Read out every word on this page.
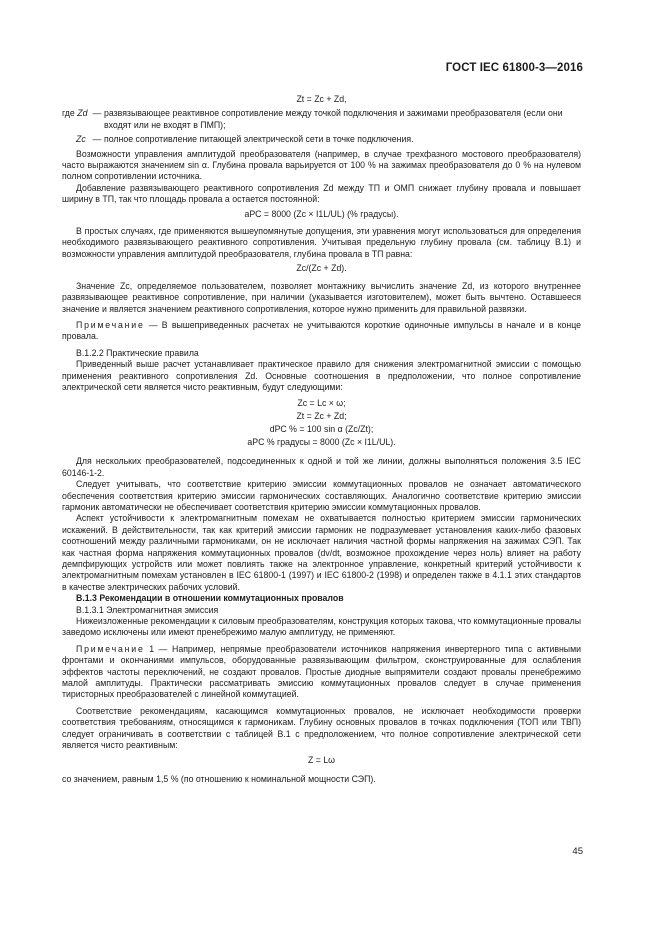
ГОСТ IEC 61800-3—2016
Zt = Zc + Zd,
где Zd — развязывающее реактивное сопротивление между точкой подключения и зажимами преобразователя (если они входят или не входят в ПМП);
Zc — полное сопротивление питающей электрической сети в точке подключения.

Возможности управления амплитудой преобразователя (например, в случае трехфазного мостового преобразователя) часто выражаются значением sin α. Глубина провала варьируется от 100 % на зажимах преобразователя до 0 % на нулевом полном сопротивлении источника.

Добавление развязывающего реактивного сопротивления Zd между ТП и ОМП снижает глубину провала и повышает ширину в ТП, так что площадь провала a остается постоянной:

aPC = 8000 (Zc × I1L/UL) (% градусы).

В простых случаях, где применяются вышеупомянутые допущения, эти уравнения могут использоваться для определения необходимого развязывающего реактивного сопротивления. Учитывая предельную глубину провала (см. таблицу В.1) и возможности управления амплитудой преобразователя, глубина провала в ТП равна:

Zc/(Zc + Zd).

Значение Zc, определяемое пользователем, позволяет монтажнику вычислить значение Zd, из которого внутреннее развязывающее реактивное сопротивление, при наличии (указывается изготовителем), может быть вычтено. Оставшееся значение и является значением реактивного сопротивления, которое нужно применить для правильной развязки.

Примечание — В вышеприведенных расчетах не учитываются короткие одиночные импульсы в начале и в конце провала.

В.1.2.2 Практические правила

Приведенный выше расчет устанавливает практическое правило для снижения электромагнитной эмиссии с помощью применения реактивного сопротивления Zd. Основные соотношения в предположении, что полное сопротивление электрической сети является чисто реактивным, будут следующими:

Zc = Lc × ω;
Zt = Zc + Zd;
dPC % = 100 sin α (Zc/Zt);
aPC % градусы = 8000 (Zc × I1L/UL).

Для нескольких преобразователей, подсоединенных к одной и той же линии, должны выполняться положения 3.5 IEC 60146-1-2.

Следует учитывать, что соответствие критерию эмиссии коммутационных провалов не означает автоматического обеспечения соответствия критерию эмиссии гармонических составляющих. Аналогично соответствие критерию эмиссии гармоник автоматически не обеспечивает соответствия критерию эмиссии коммутационных провалов.

Аспект устойчивости к электромагнитным помехам не охватывается полностью критерием эмиссии гармонических искажений. В действительности, так как критерий эмиссии гармоник не подразумевает установления каких-либо фазовых соотношений между различными гармониками, он не исключает наличия частной формы напряжения на зажимах СЭП. Так как частная форма напряжения коммутационных провалов (dv/dt, возможное прохождение через ноль) влияет на работу демпфирующих устройств или может повлиять также на электронное управление, конкретный критерий устойчивости к электромагнитным помехам установлен в IEC 61800-1 (1997) и IEC 61800-2 (1998) и определен также в 4.1.1 этих стандартов в качестве электрических рабочих условий.

В.1.3 Рекомендации в отношении коммутационных провалов

В.1.3.1 Электромагнитная эмиссия

Нижеизложенные рекомендации к силовым преобразователям, конструкция которых такова, что коммутационные провалы заведомо исключены или имеют пренебрежимо малую амплитуду, не применяют.

Примечание 1 — Например, непрямые преобразователи источников напряжения инвертерного типа с активными фронтами и окончаниями импульсов, оборудованные развязывающим фильтром, сконструированные для ослабления эффектов частоты переключений, не создают провалов. Простые диодные выпрямители создают провалы пренебрежимо малой амплитуды. Практически рассматривать эмиссию коммутационных провалов следует в случае применения тиристорных преобразователей с линейной коммутацией.

Соответствие рекомендациям, касающимся коммутационных провалов, не исключает необходимости проверки соответствия требованиям, относящимся к гармоникам. Глубину основных провалов в точках подключения (ТОП или ТВП) следует ограничивать в соответствии с таблицей В.1 с предположением, что полное сопротивление электрической сети является чисто реактивным:

Z = Lω

со значением, равным 1,5 % (по отношению к номинальной мощности СЭП).

45
